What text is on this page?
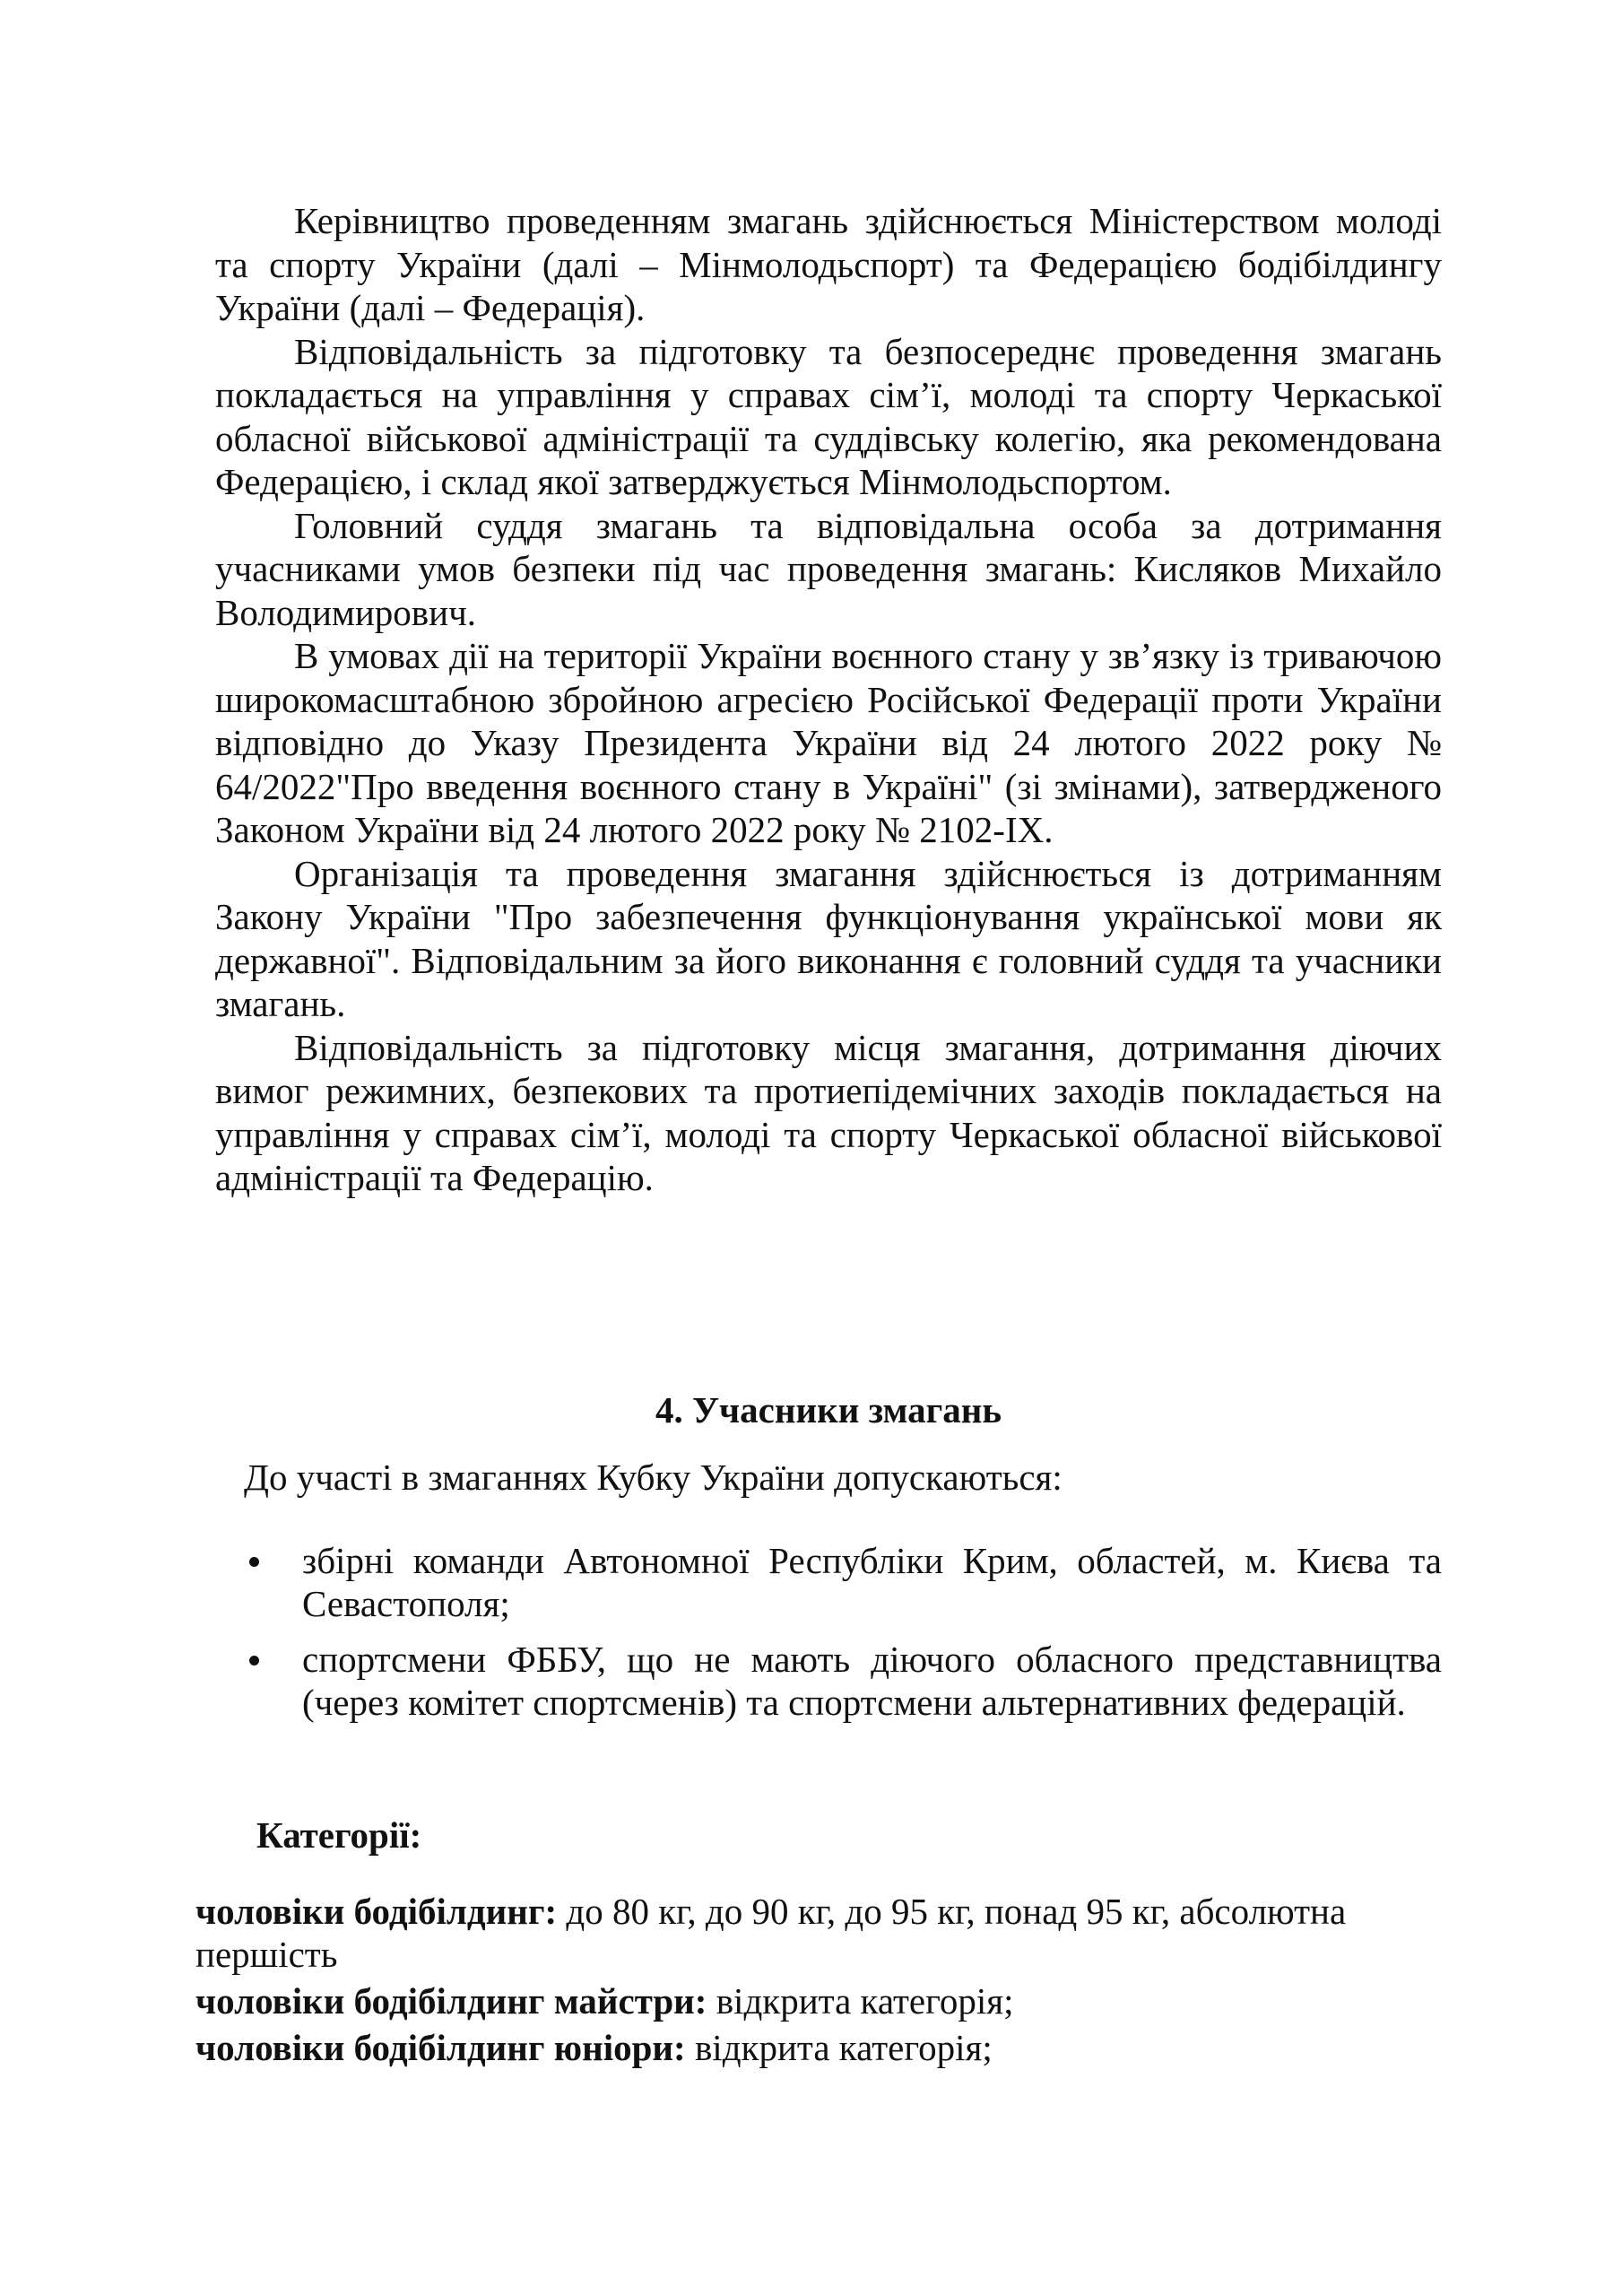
Керівництво проведенням змагань здійснюється Міністерством молоді та спорту України (далі – Мінмолодьспорт) та Федерацією бодібілдингу України (далі – Федерація).

Відповідальність за підготовку та безпосереднє проведення змагань покладається на управління у справах сім’ї, молоді та спорту Черкаської обласної військової адміністрації та суддівську колегію, яка рекомендована Федерацією, і склад якої затверджується Мінмолодьспортом.

Головний суддя змагань та відповідальна особа за дотримання учасниками умов безпеки під час проведення змагань: Кисляков Михайло Володимирович.

В умовах дії на території України воєнного стану у зв’язку із триваючою широкомасштабною збройною агресією Російської Федерації проти України відповідно до Указу Президента України від 24 лютого 2022 року № 64/2022"Про введення воєнного стану в Україні" (зі змінами), затвердженого Законом України від 24 лютого 2022 року № 2102-IX.

Організація та проведення змагання здійснюється із дотриманням Закону України "Про забезпечення функціонування української мови як державної". Відповідальним за його виконання є головний суддя та учасники змагань.

Відповідальність за підготовку місця змагання, дотримання діючих вимог режимних, безпекових та протиепідемічних заходів покладається на управління у справах сім’ї, молоді та спорту Черкаської обласної військової адміністрації та Федерацію.

4. Учасники змагань

До участі в змаганнях Кубку України допускаються:

збірні команди Автономної Республіки Крим, областей, м. Києва та Севастополя;
спортсмени ФББУ, що не мають діючого обласного представництва (через комітет спортсменів) та спортсмени альтернативних федерацій.

Категорії:

чоловіки бодібілдинг: до 80 кг, до 90 кг, до 95 кг, понад 95 кг, абсолютна першість

чоловіки бодібілдинг майстри: відкрита категорія;

чоловіки бодібілдинг юніори: відкрита категорія;
